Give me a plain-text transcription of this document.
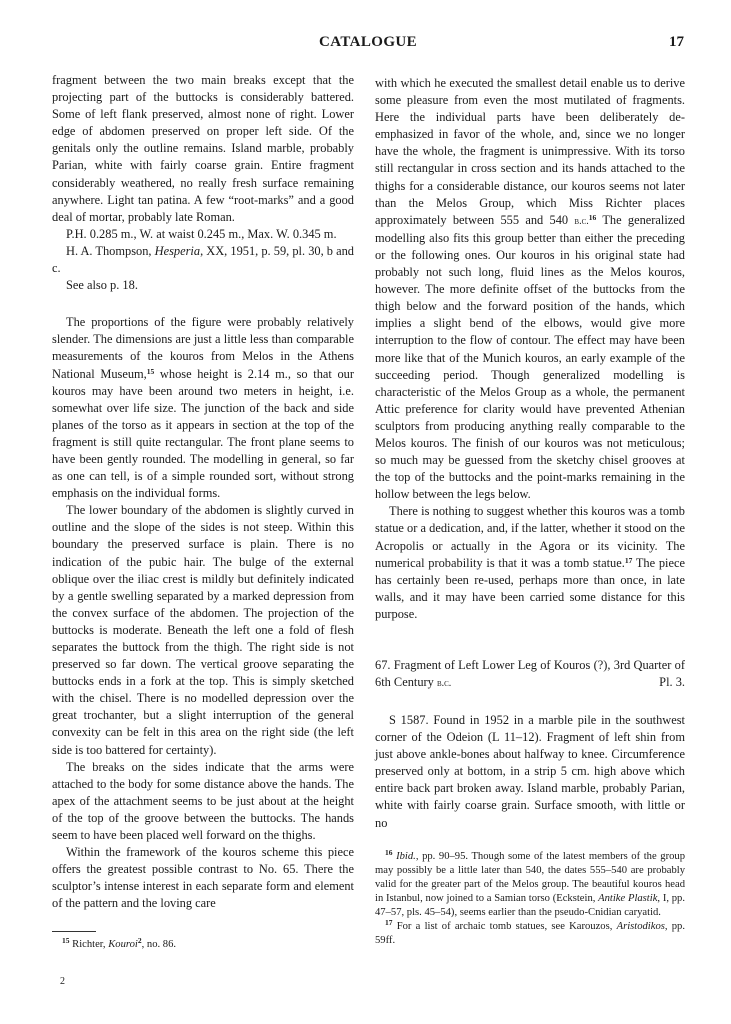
CATALOGUE	17

fragment between the two main breaks except that the projecting part of the buttocks is considerably battered. Some of left flank preserved, almost none of right. Lower edge of abdomen preserved on proper left side. Of the genitals only the outline remains. Island marble, probably Parian, white with fairly coarse grain. Entire fragment considerably weathered, no really fresh surface remaining anywhere. Light tan patina. A few “root-marks” and a good deal of mortar, probably late Roman.

P.H. 0.285 m., W. at waist 0.245 m., Max. W. 0.345 m.

H. A. Thompson, Hesperia, XX, 1951, p. 59, pl. 30, b and c.

See also p. 18.

The proportions of the figure were probably relatively slender. The dimensions are just a little less than comparable measurements of the kouros from Melos in the Athens National Museum,$^{15}$ whose height is 2.14 m., so that our kouros may have been around two meters in height, i.e. somewhat over life size. The junction of the back and side planes of the torso as it appears in section at the top of the fragment is still quite rectangular. The front plane seems to have been gently rounded. The modelling in general, so far as one can tell, is of a simple rounded sort, without strong emphasis on the individual forms.

The lower boundary of the abdomen is slightly curved in outline and the slope of the sides is not steep. Within this boundary the preserved surface is plain. There is no indication of the pubic hair. The bulge of the external oblique over the iliac crest is mildly but definitely indicated by a gentle swelling separated by a marked depression from the convex surface of the abdomen. The projection of the buttocks is moderate. Beneath the left one a fold of flesh separates the buttock from the thigh. The right side is not preserved so far down. The vertical groove separating the buttocks ends in a fork at the top. This is simply sketched with the chisel. There is no modelled depression over the great trochanter, but a slight interruption of the general convexity can be felt in this area on the right side (the left side is too battered for certainty).

The breaks on the sides indicate that the arms were attached to the body for some distance above the hands. The apex of the attachment seems to be just about at the height of the top of the groove between the buttocks. The hands seem to have been placed well forward on the thighs.

Within the framework of the kouros scheme this piece offers the greatest possible contrast to No. 65. There the sculptor’s intense interest in each separate form and element of the pattern and the loving care

$^{15}$ Richter, Kouroi$^2$, no. 86.

2

with which he executed the smallest detail enable us to derive some pleasure from even the most mutilated of fragments. Here the individual parts have been deliberately de-emphasized in favor of the whole, and, since we no longer have the whole, the fragment is unimpressive. With its torso still rectangular in cross section and its hands attached to the thighs for a considerable distance, our kouros seems not later than the Melos Group, which Miss Richter places approximately between 555 and 540 b.c.$^{16}$ The generalized modelling also fits this group better than either the preceding or the following ones. Our kouros in his original state had probably not such long, fluid lines as the Melos kouros, however. The more definite offset of the buttocks from the thigh below and the forward position of the hands, which implies a slight bend of the elbows, would give more interruption to the flow of contour. The effect may have been more like that of the Munich kouros, an early example of the succeeding period. Though generalized modelling is characteristic of the Melos Group as a whole, the permanent Attic preference for clarity would have prevented Athenian sculptors from producing anything really comparable to the Melos kouros. The finish of our kouros was not meticulous; so much may be guessed from the sketchy chisel grooves at the top of the buttocks and the point-marks remaining in the hollow between the legs below.

There is nothing to suggest whether this kouros was a tomb statue or a dedication, and, if the latter, whether it stood on the Acropolis or actually in the Agora or its vicinity. The numerical probability is that it was a tomb statue.$^{17}$ The piece has certainly been re-used, perhaps more than once, in late walls, and it may have been carried some distance for this purpose.

67. Fragment of Left Lower Leg of Kouros (?), 3rd Quarter of 6th Century b.c.	Pl. 3.

S 1587. Found in 1952 in a marble pile in the southwest corner of the Odeion (L 11–12). Fragment of left shin from just above ankle-bones about halfway to knee. Circumference preserved only at bottom, in a strip 5 cm. high above which entire back part broken away. Island marble, probably Parian, white with fairly coarse grain. Surface smooth, with little or no

$^{16}$ Ibid., pp. 90–95. Though some of the latest members of the group may possibly be a little later than 540, the dates 555–540 are probably valid for the greater part of the Melos group. The beautiful kouros head in Istanbul, now joined to a Samian torso (Eckstein, Antike Plastik, I, pp. 47–57, pls. 45–54), seems earlier than the pseudo-Cnidian caryatid.

$^{17}$ For a list of archaic tomb statues, see Karouzos, Aristodikos, pp. 59ff.
